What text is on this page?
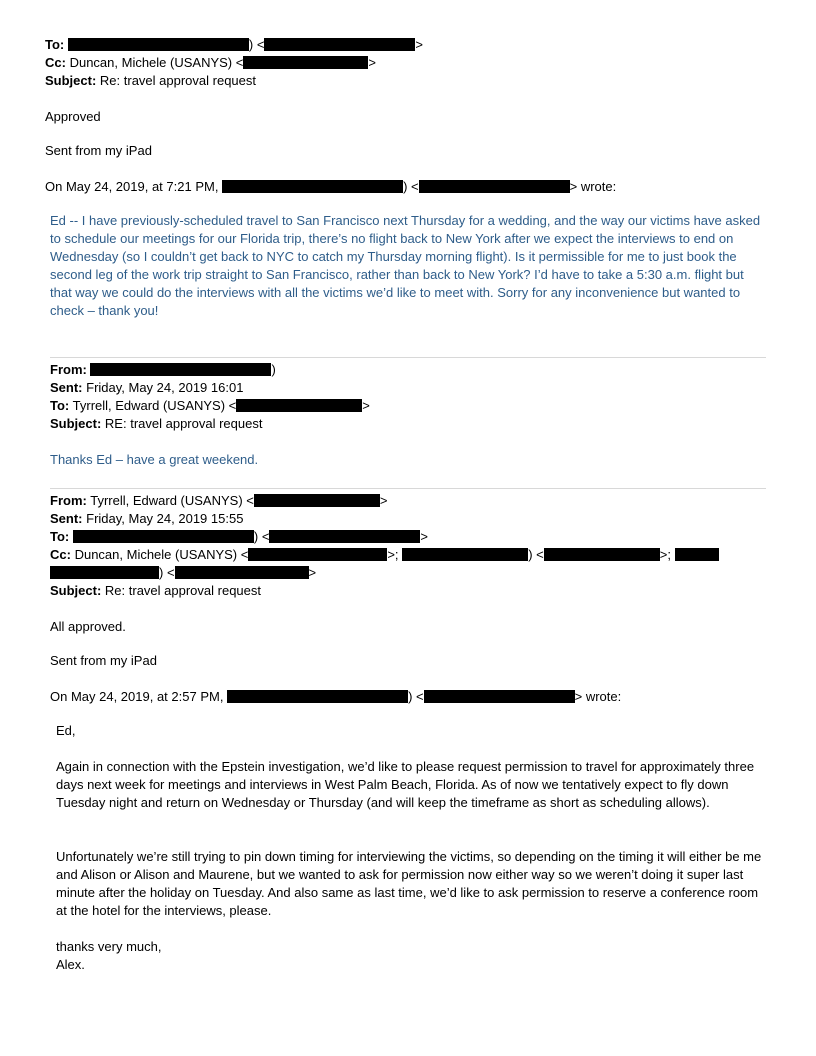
To:	) <	>
Cc: Duncan, Michele (USANYS) <	>
Subject: Re: travel approval request
Approved
Sent from my iPad
On May 24, 2019, at 7:21 PM,	) <	> wrote:
Ed -- I have previously-scheduled travel to San Francisco next Thursday for a wedding, and the way our victims have asked to schedule our meetings for our Florida trip, there’s no flight back to New York after we expect the interviews to end on Wednesday (so I couldn’t get back to NYC to catch my Thursday morning flight). Is it permissible for me to just book the second leg of the work trip straight to San Francisco, rather than back to New York? I’d have to take a 5:30 a.m. flight but that way we could do the interviews with all the victims we’d like to meet with. Sorry for any inconvenience but wanted to check – thank you!
From:	)
Sent: Friday, May 24, 2019 16:01
To: Tyrrell, Edward (USANYS) <	>
Subject: RE: travel approval request
Thanks Ed – have a great weekend.
From: Tyrrell, Edward (USANYS) <	>
Sent: Friday, May 24, 2019 15:55
To:	) <	>
Cc: Duncan, Michele (USANYS) <	>;	) <	>;
) <	>
Subject: Re: travel approval request
All approved.
Sent from my iPad
On May 24, 2019, at 2:57 PM,	) <	> wrote:
Ed,
Again in connection with the Epstein investigation, we’d like to please request permission to travel for approximately three days next week for meetings and interviews in West Palm Beach, Florida. As of now we tentatively expect to fly down Tuesday night and return on Wednesday or Thursday (and will keep the timeframe as short as scheduling allows).
Unfortunately we’re still trying to pin down timing for interviewing the victims, so depending on the timing it will either be me and Alison or Alison and Maurene, but we wanted to ask for permission now either way so we weren’t doing it super last minute after the holiday on Tuesday. And also same as last time, we’d like to ask permission to reserve a conference room at the hotel for the interviews, please.
thanks very much,
Alex.
